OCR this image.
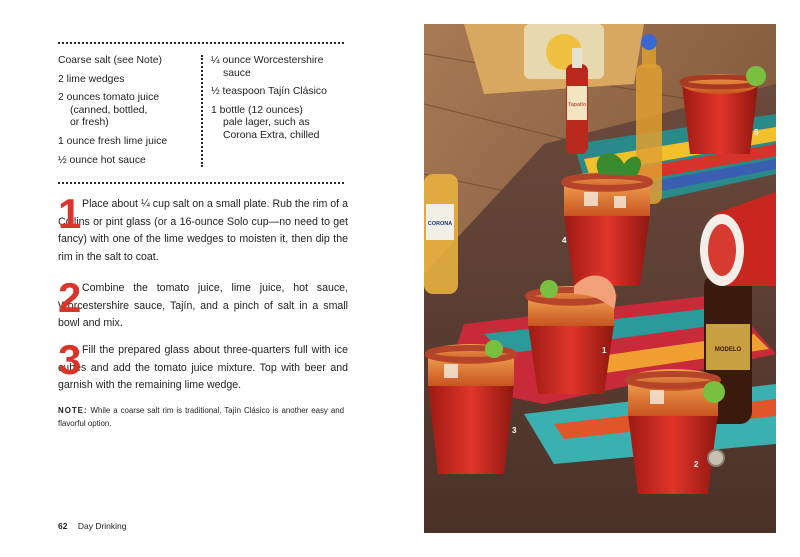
Coarse salt (see Note)
2 lime wedges
2 ounces tomato juice
(canned, bottled,
or fresh)
1 ounce fresh lime juice
½ ounce hot sauce
¼ ounce Worcestershire
sauce
½ teaspoon Tajín Clásico
1 bottle (12 ounces)
pale lager, such as
Corona Extra, chilled
1 Place about ¼ cup salt on a small plate. Rub the rim of a Collins or pint glass (or a 16-ounce Solo cup—no need to get fancy) with one of the lime wedges to moisten it, then dip the rim in the salt to coat.

2 Combine the tomato juice, lime juice, hot sauce, Worcestershire sauce, Tajín, and a pinch of salt in a small bowl and mix.

3 Fill the prepared glass about three-quarters full with ice cubes and add the tomato juice mixture. Top with beer and garnish with the remaining lime wedge.

NOTE: While a coarse salt rim is traditional, Tajín Clásico is another easy and flavorful option.

62 Day Drinking
Tapatío
CORONA
MODELO
5
4
1
3
2
